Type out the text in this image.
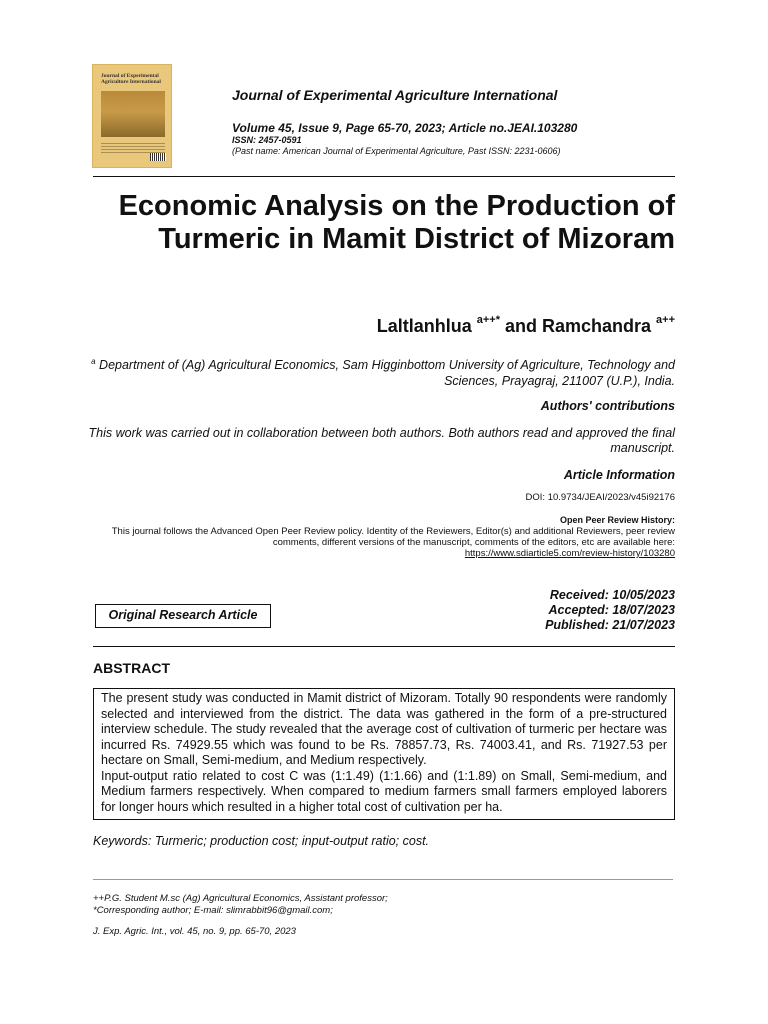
Journal of Experimental Agriculture International
Journal of Experimental Agriculture International
Volume 45, Issue 9, Page 65-70, 2023; Article no.JEAI.103280
ISSN: 2457-0591
(Past name: American Journal of Experimental Agriculture, Past ISSN: 2231-0606)
Economic Analysis on the Production of Turmeric in Mamit District of Mizoram
Laltlanhlua $^{a++*}$ and Ramchandra $^{a++}$
$^a$ Department of (Ag) Agricultural Economics, Sam Higginbottom University of Agriculture, Technology and Sciences, Prayagraj, 211007 (U.P.), India.
Authors' contributions
This work was carried out in collaboration between both authors. Both authors read and approved the final manuscript.
Article Information
DOI: 10.9734/JEAI/2023/v45i92176
Open Peer Review History:
This journal follows the Advanced Open Peer Review policy. Identity of the Reviewers, Editor(s) and additional Reviewers, peer review comments, different versions of the manuscript, comments of the editors, etc are available here:
https://www.sdiarticle5.com/review-history/103280
Original Research Article
Received: 10/05/2023
Accepted: 18/07/2023
Published: 21/07/2023
ABSTRACT

The present study was conducted in Mamit district of Mizoram. Totally 90 respondents were randomly selected and interviewed from the district. The data was gathered in the form of a pre-structured interview schedule. The study revealed that the average cost of cultivation of turmeric per hectare was incurred Rs. 74929.55 which was found to be Rs. 78857.73, Rs. 74003.41, and Rs. 71927.53 per hectare on Small, Semi-medium, and Medium respectively.

Input-output ratio related to cost C was (1:1.49) (1:1.66) and (1:1.89) on Small, Semi-medium, and Medium farmers respectively. When compared to medium farmers small farmers employed laborers for longer hours which resulted in a higher total cost of cultivation per ha.

Keywords: Turmeric; production cost; input-output ratio; cost.
++P.G. Student M.sc (Ag) Agricultural Economics, Assistant professor;
*Corresponding author; E-mail: slimrabbit96@gmail.com;
J. Exp. Agric. Int., vol. 45, no. 9, pp. 65-70, 2023
